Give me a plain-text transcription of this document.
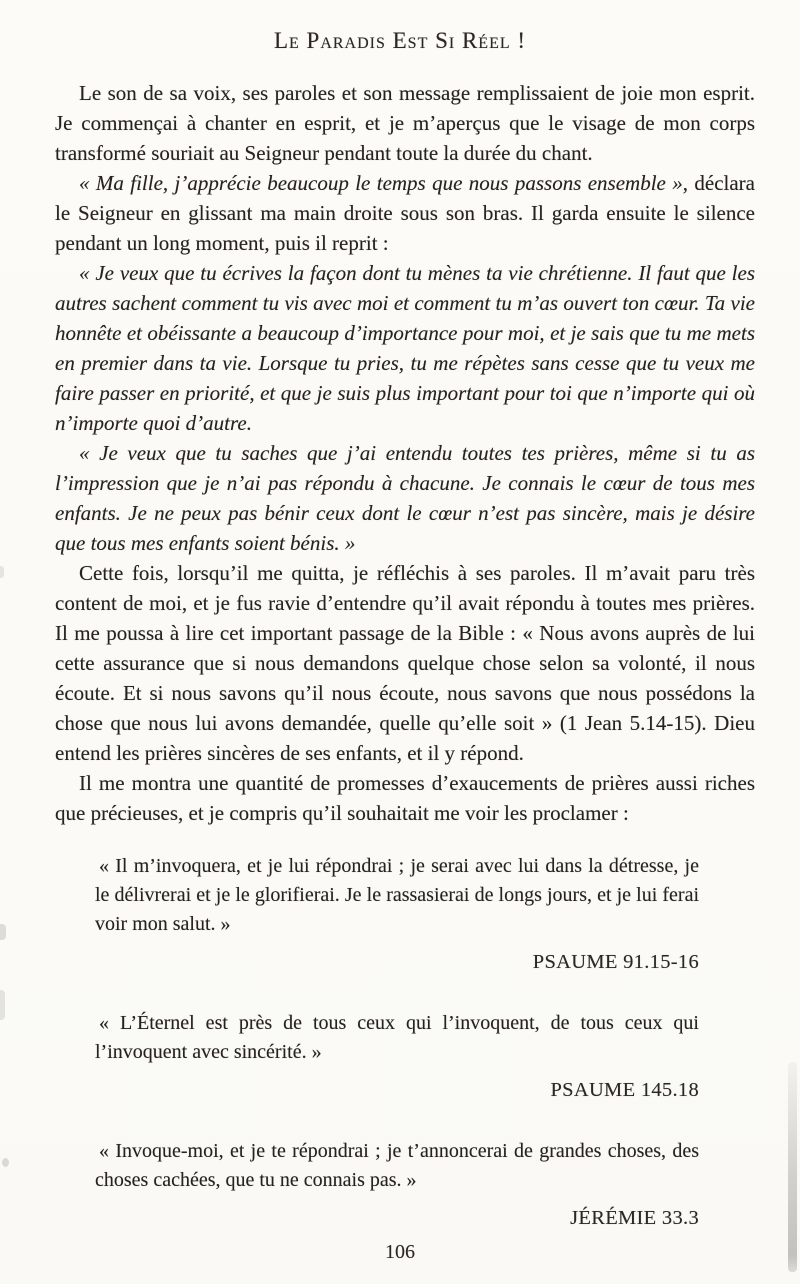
Le Paradis Est Si Réel !

Le son de sa voix, ses paroles et son message remplissaient de joie mon esprit. Je commençai à chanter en esprit, et je m’aperçus que le visage de mon corps transformé souriait au Seigneur pendant toute la durée du chant.

« Ma fille, j’apprécie beaucoup le temps que nous passons ensemble », déclara le Seigneur en glissant ma main droite sous son bras. Il garda ensuite le silence pendant un long moment, puis il reprit :

« Je veux que tu écrives la façon dont tu mènes ta vie chrétienne. Il faut que les autres sachent comment tu vis avec moi et comment tu m’as ouvert ton cœur. Ta vie honnête et obéissante a beaucoup d’importance pour moi, et je sais que tu me mets en premier dans ta vie. Lorsque tu pries, tu me répètes sans cesse que tu veux me faire passer en priorité, et que je suis plus important pour toi que n’importe qui où n’importe quoi d’autre.

« Je veux que tu saches que j’ai entendu toutes tes prières, même si tu as l’impression que je n’ai pas répondu à chacune. Je connais le cœur de tous mes enfants. Je ne peux pas bénir ceux dont le cœur n’est pas sincère, mais je désire que tous mes enfants soient bénis. »

Cette fois, lorsqu’il me quitta, je réfléchis à ses paroles. Il m’avait paru très content de moi, et je fus ravie d’entendre qu’il avait répondu à toutes mes prières. Il me poussa à lire cet important passage de la Bible : « Nous avons auprès de lui cette assurance que si nous demandons quelque chose selon sa volonté, il nous écoute. Et si nous savons qu’il nous écoute, nous savons que nous possédons la chose que nous lui avons demandée, quelle qu’elle soit » (1 Jean 5.14-15). Dieu entend les prières sincères de ses enfants, et il y répond.

Il me montra une quantité de promesses d’exaucements de prières aussi riches que précieuses, et je compris qu’il souhaitait me voir les proclamer :

« Il m’invoquera, et je lui répondrai ; je serai avec lui dans la détresse, je le délivrerai et je le glorifierai. Je le rassasierai de longs jours, et je lui ferai voir mon salut. »

PSAUME 91.15-16

« L’Éternel est près de tous ceux qui l’invoquent, de tous ceux qui l’invoquent avec sincérité. »

PSAUME 145.18

« Invoque-moi, et je te répondrai ; je t’annoncerai de grandes choses, des choses cachées, que tu ne connais pas. »

JÉRÉMIE 33.3
106
